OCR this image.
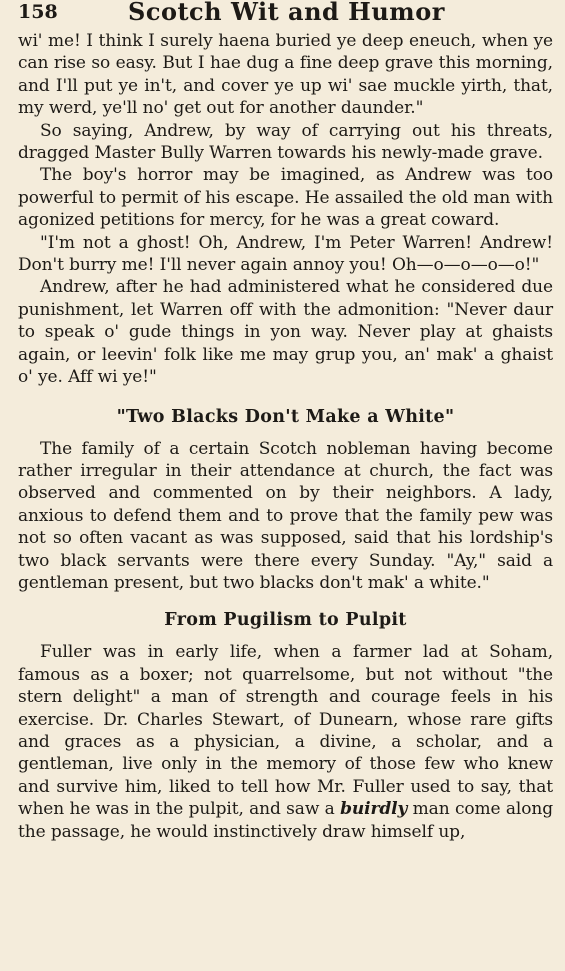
158	Scotch Wit and Humor

wi' me! I think I surely haena buried ye deep eneuch, when ye can rise so easy. But I hae dug a fine deep grave this morning, and I'll put ye in't, and cover ye up wi' sae muckle yirth, that, my werd, ye'll no' get out for another daunder."

So saying, Andrew, by way of carrying out his threats, dragged Master Bully Warren towards his newly-made grave.

The boy's horror may be imagined, as Andrew was too powerful to permit of his escape. He assailed the old man with agonized petitions for mercy, for he was a great coward.

"I'm not a ghost! Oh, Andrew, I'm Peter Warren! Andrew! Don't burry me! I'll never again annoy you! Oh—o—o—o—o!"

Andrew, after he had administered what he considered due punishment, let Warren off with the admonition: "Never daur to speak o' gude things in yon way. Never play at ghaists again, or leevin' folk like me may grup you, an' mak' a ghaist o' ye. Aff wi ye!"

"Two Blacks Don't Make a White"

The family of a certain Scotch nobleman having become rather irregular in their attendance at church, the fact was observed and commented on by their neighbors. A lady, anxious to defend them and to prove that the family pew was not so often vacant as was supposed, said that his lordship's two black servants were there every Sunday. "Ay," said a gentleman present, but two blacks don't mak' a white."

From Pugilism to Pulpit

Fuller was in early life, when a farmer lad at Soham, famous as a boxer; not quarrelsome, but not without "the stern delight" a man of strength and courage feels in his exercise. Dr. Charles Stewart, of Dunearn, whose rare gifts and graces as a physician, a divine, a scholar, and a gentleman, live only in the memory of those few who knew and survive him, liked to tell how Mr. Fuller used to say, that when he was in the pulpit, and saw a buirdly man come along the passage, he would instinctively draw himself up,
